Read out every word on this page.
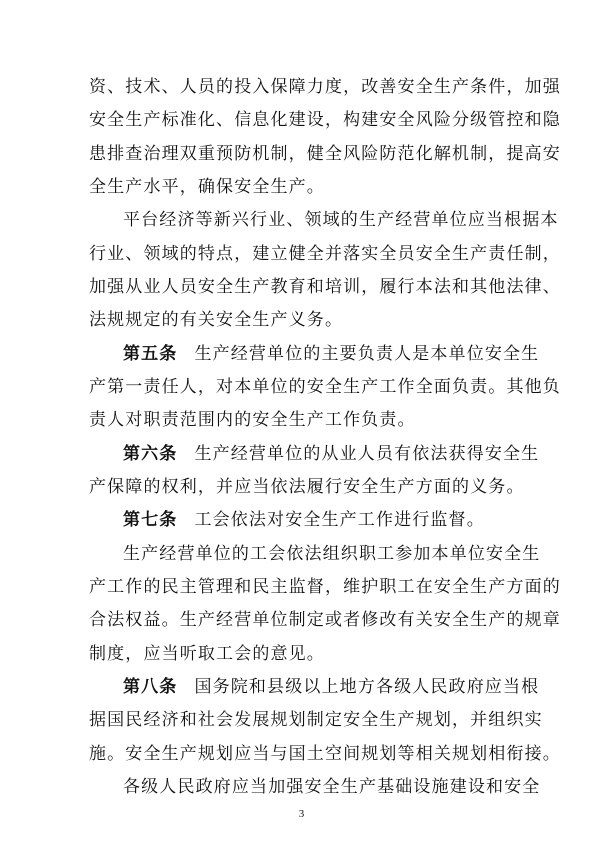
资、技术、人员的投入保障力度，改善安全生产条件，加强
安全生产标准化、信息化建设，构建安全风险分级管控和隐
患排查治理双重预防机制，健全风险防范化解机制，提高安
全生产水平，确保安全生产。
平台经济等新兴行业、领域的生产经营单位应当根据本
行业、领域的特点，建立健全并落实全员安全生产责任制，
加强从业人员安全生产教育和培训，履行本法和其他法律、
法规规定的有关安全生产义务。
第五条 生产经营单位的主要负责人是本单位安全生
产第一责任人，对本单位的安全生产工作全面负责。其他负
责人对职责范围内的安全生产工作负责。
第六条 生产经营单位的从业人员有依法获得安全生
产保障的权利，并应当依法履行安全生产方面的义务。
第七条 工会依法对安全生产工作进行监督。
生产经营单位的工会依法组织职工参加本单位安全生
产工作的民主管理和民主监督，维护职工在安全生产方面的
合法权益。生产经营单位制定或者修改有关安全生产的规章
制度，应当听取工会的意见。
第八条 国务院和县级以上地方各级人民政府应当根
据国民经济和社会发展规划制定安全生产规划，并组织实
施。安全生产规划应当与国土空间规划等相关规划相衔接。
各级人民政府应当加强安全生产基础设施建设和安全
3
